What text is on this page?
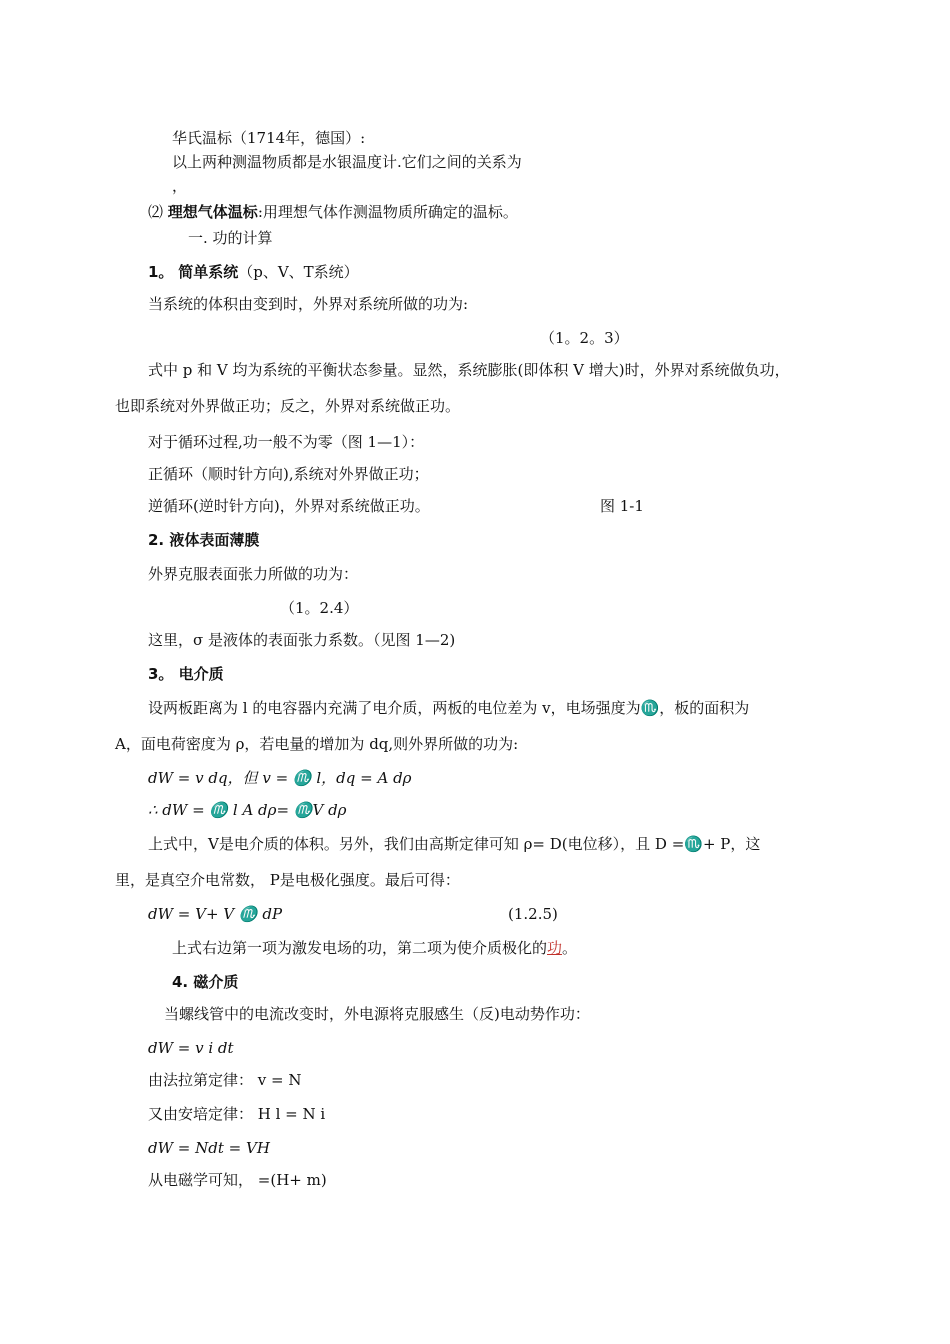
华氏温标（1714年，德国）:
以上两种测温物质都是水银温度计.它们之间的关系为
，
⑵ 理想气体温标:用理想气体作测温物质所确定的温标。
一. 功的计算
1。 简单系统（p、V、T系统）
当系统的体积由变到时，外界对系统所做的功为:
（1。2。3）
式中 p 和 V 均为系统的平衡状态参量。显然，系统膨胀(即体积 V 增大)时，外界对系统做负功，
也即系统对外界做正功；反之，外界对系统做正功。
对于循环过程,功一般不为零（图 1—1）：
正循环（顺时针方向),系统对外界做正功；
逆循环(逆时针方向)，外界对系统做正功。	图 1-1
2. 液体表面薄膜
外界克服表面张力所做的功为：
（1。2.4）
这里，σ 是液体的表面张力系数。（见图 1—2)
3。 电介质
设两板距离为 l 的电容器内充满了电介质，两板的电位差为 v，电场强度为♏，板的面积为
A，面电荷密度为 ρ，若电量的增加为 dq,则外界所做的功为:
dW = v dq，但 v = ♏ l，dq = A dρ
∴ dW = ♏ l A dρ= ♏V dρ
上式中，V是电介质的体积。另外，我们由高斯定律可知 ρ= D(电位移），且 D =♏+ P，这
里，是真空介电常数， P是电极化强度。最后可得：
dW = V+ V ♏ dP	(1.2.5)
上式右边第一项为激发电场的功，第二项为使介质极化的功。
4. 磁介质
当螺线管中的电流改变时，外电源将克服感生（反)电动势作功：
dW = v i dt
由法拉第定律： v = N
又由安培定律： H l = N i
dW = Ndt = VH
从电磁学可知， =(H+ m)
